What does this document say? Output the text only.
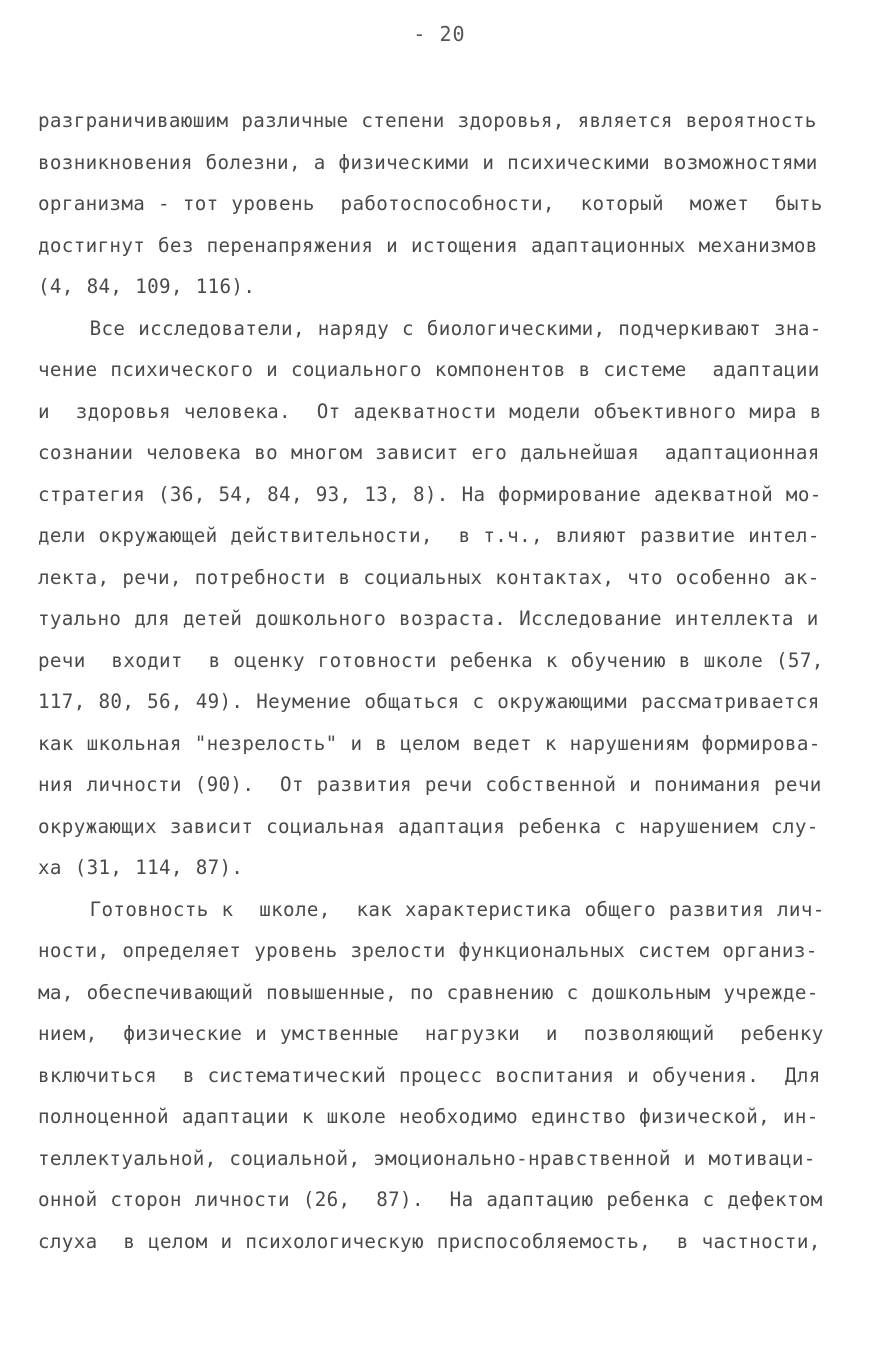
- 20
разграничиваюшим различные степени здоровья, является вероятность
возникновения болезни, а физическими и психическими возможностями
организма - тот уровень  работоспособности,  который  может  быть
достигнут без перенапряжения и истощения адаптационных механизмов
(4, 84, 109, 116).
Все исследователи, наряду с биологическими, подчеркивают зна-
чение психического и социального компонентов в системе  адаптации
и  здоровья человека.  От адекватности модели объективного мира в
сознании человека во многом зависит его дальнейшая  адаптационная
стратегия (36, 54, 84, 93, 13, 8). На формирование адекватной мо-
дели окружающей действительности,  в т.ч., влияют развитие интел-
лекта, речи, потребности в социальных контактах, что особенно ак-
туально для детей дошкольного возраста. Исследование интеллекта и
речи  входит  в оценку готовности ребенка к обучению в школе (57,
117, 80, 56, 49). Неумение общаться с окружающими рассматривается
как школьная "незрелость" и в целом ведет к нарушениям формирова-
ния личности (90).  От развития речи собственной и понимания речи
окружающих зависит социальная адаптация ребенка с нарушением слу-
ха (31, 114, 87).
Готовность к  школе,  как характеристика общего развития лич-
ности, определяет уровень зрелости функциональных систем организ-
ма, обеспечивающий повышенные, по сравнению с дошкольным учрежде-
нием,  физические и умственные  нагрузки  и  позволяющий  ребенку
включиться  в систематический процесс воспитания и обучения.  Для
полноценной адаптации к школе необходимо единство физической, ин-
теллектуальной, социальной, эмоционально-нравственной и мотиваци-
онной сторон личности (26,  87).  На адаптацию ребенка с дефектом
слуха  в целом и психологическую приспособляемость,  в частности,
